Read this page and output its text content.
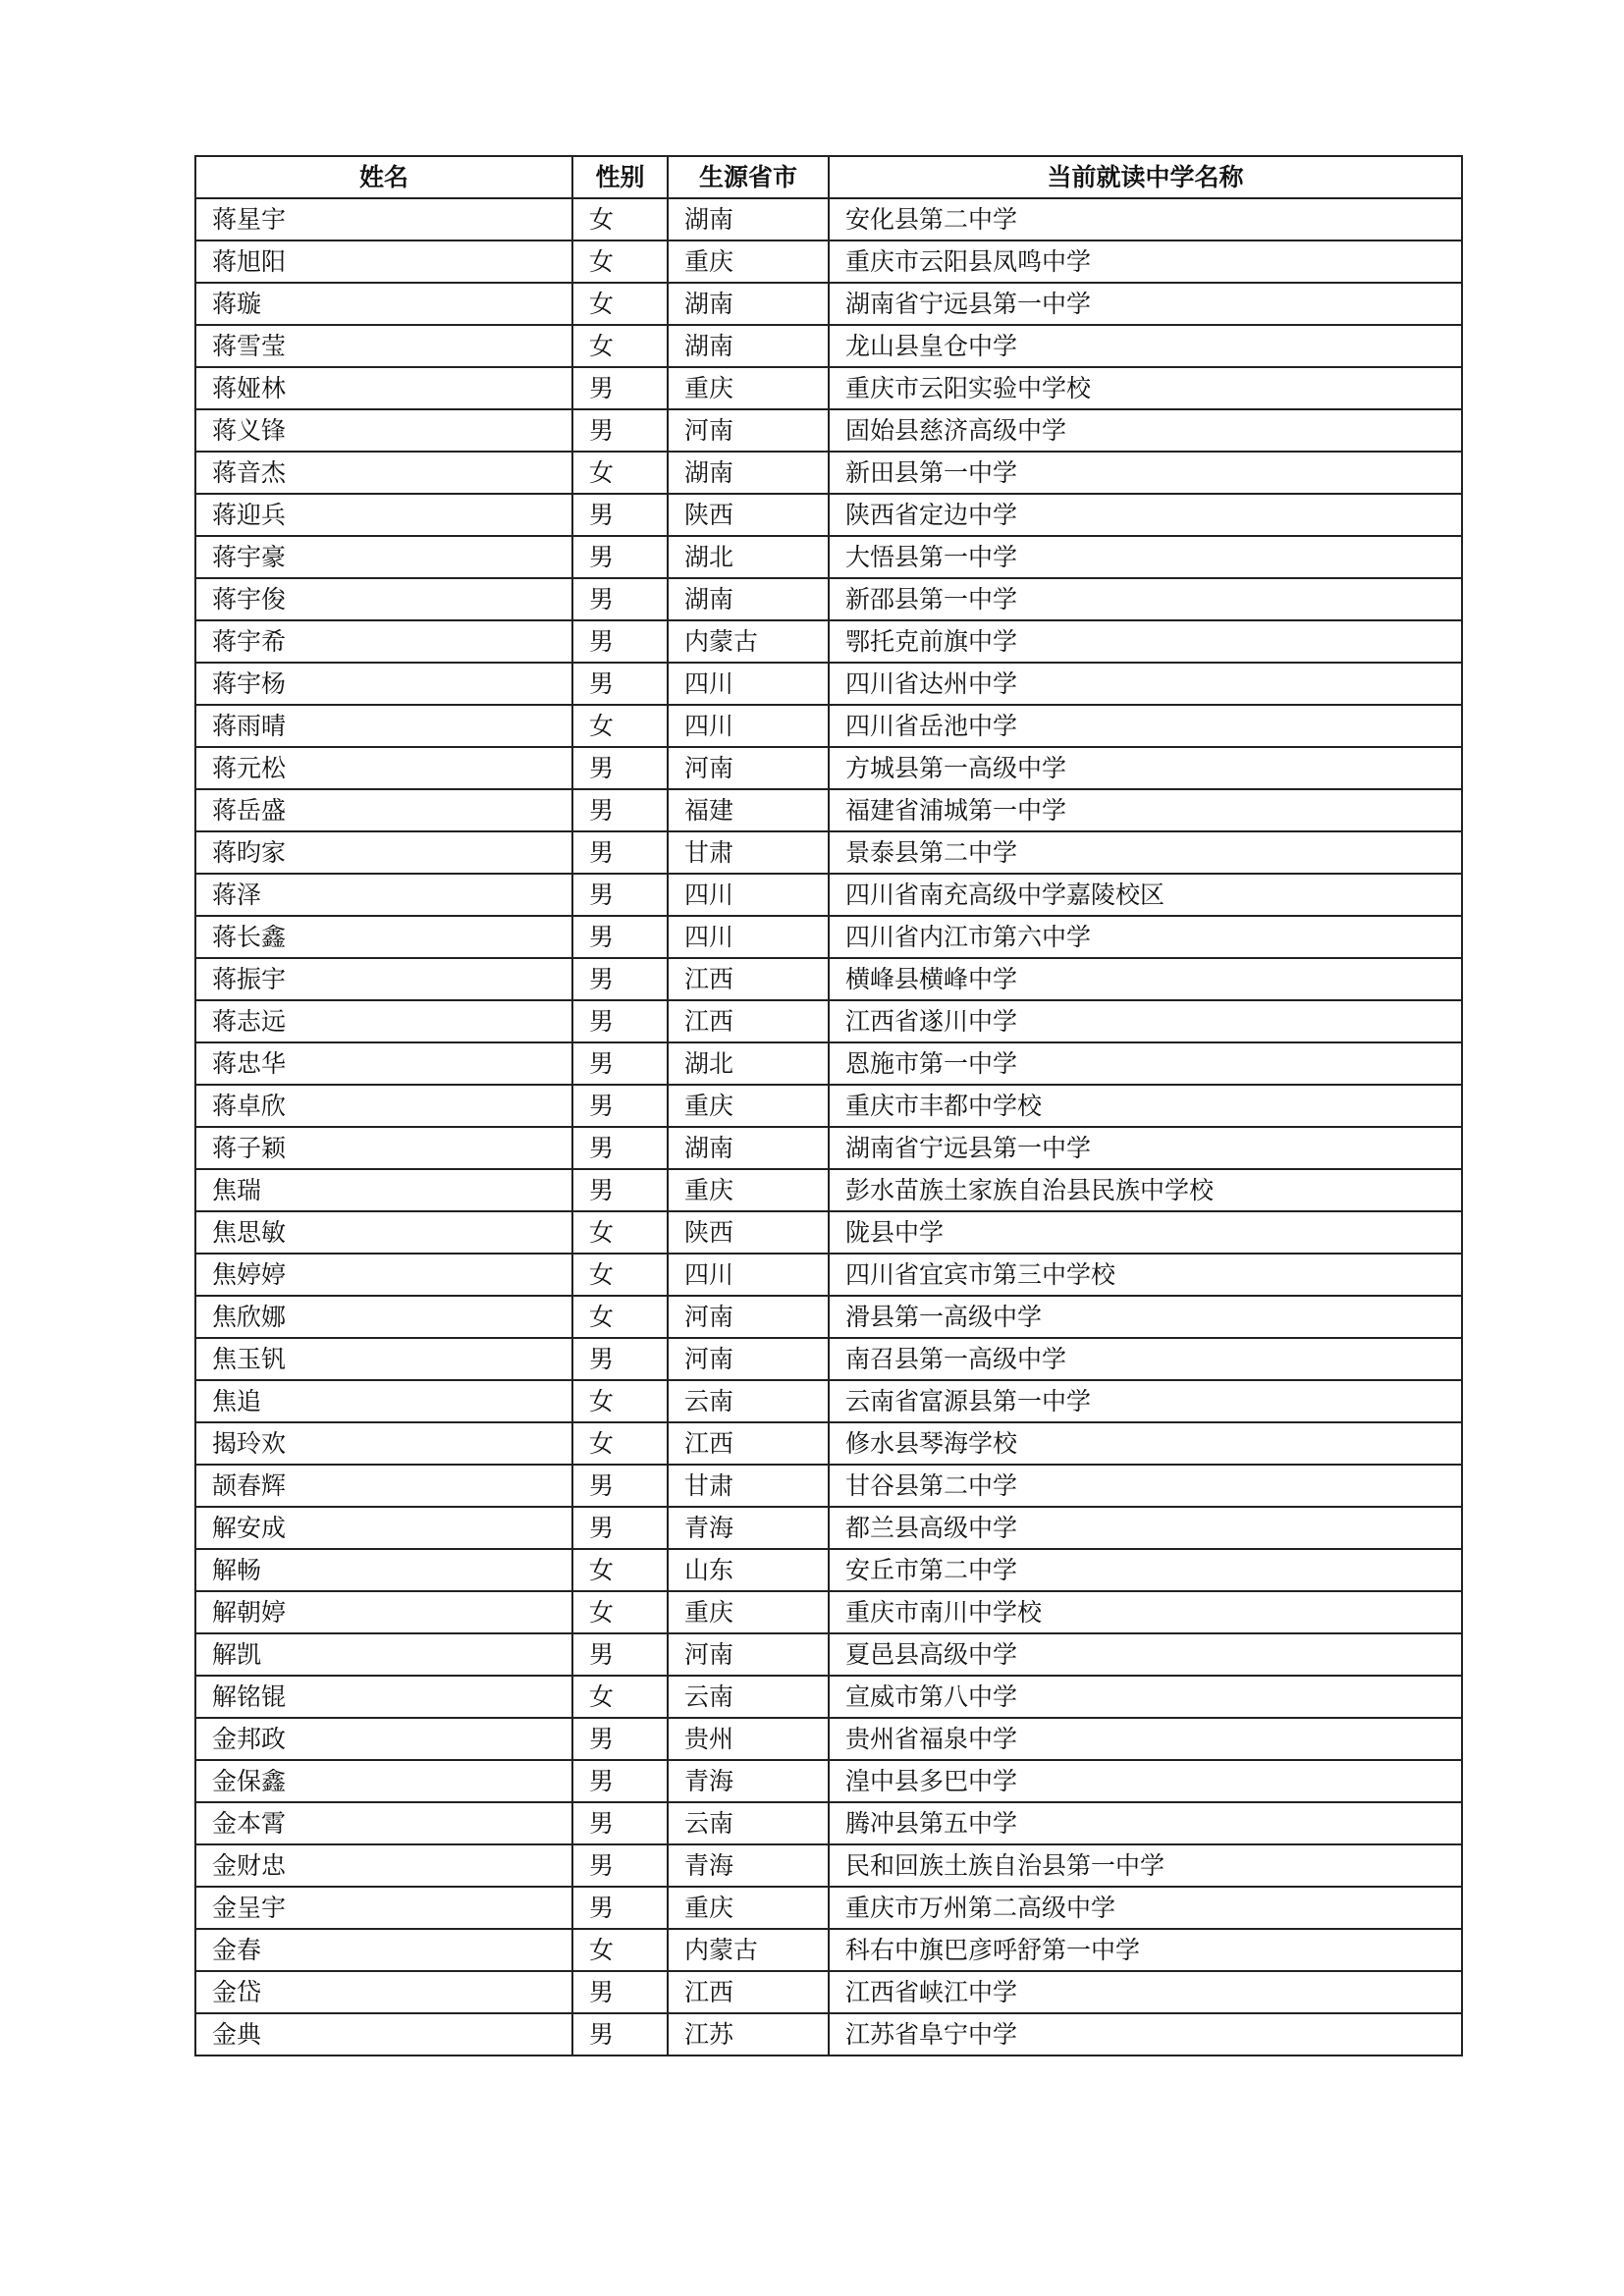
姓名	性别	生源省市	当前就读中学名称
蒋星宇	女	湖南	安化县第二中学
蒋旭阳	女	重庆	重庆市云阳县凤鸣中学
蒋璇	女	湖南	湖南省宁远县第一中学
蒋雪莹	女	湖南	龙山县皇仓中学
蒋娅林	男	重庆	重庆市云阳实验中学校
蒋义锋	男	河南	固始县慈济高级中学
蒋音杰	女	湖南	新田县第一中学
蒋迎兵	男	陕西	陕西省定边中学
蒋宇豪	男	湖北	大悟县第一中学
蒋宇俊	男	湖南	新邵县第一中学
蒋宇希	男	内蒙古	鄂托克前旗中学
蒋宇杨	男	四川	四川省达州中学
蒋雨晴	女	四川	四川省岳池中学
蒋元松	男	河南	方城县第一高级中学
蒋岳盛	男	福建	福建省浦城第一中学
蒋昀家	男	甘肃	景泰县第二中学
蒋泽	男	四川	四川省南充高级中学嘉陵校区
蒋长鑫	男	四川	四川省内江市第六中学
蒋振宇	男	江西	横峰县横峰中学
蒋志远	男	江西	江西省遂川中学
蒋忠华	男	湖北	恩施市第一中学
蒋卓欣	男	重庆	重庆市丰都中学校
蒋子颖	男	湖南	湖南省宁远县第一中学
焦瑞	男	重庆	彭水苗族土家族自治县民族中学校
焦思敏	女	陕西	陇县中学
焦婷婷	女	四川	四川省宜宾市第三中学校
焦欣娜	女	河南	滑县第一高级中学
焦玉钒	男	河南	南召县第一高级中学
焦追	女	云南	云南省富源县第一中学
揭玲欢	女	江西	修水县琴海学校
颉春辉	男	甘肃	甘谷县第二中学
解安成	男	青海	都兰县高级中学
解畅	女	山东	安丘市第二中学
解朝婷	女	重庆	重庆市南川中学校
解凯	男	河南	夏邑县高级中学
解铭锟	女	云南	宣威市第八中学
金邦政	男	贵州	贵州省福泉中学
金保鑫	男	青海	湟中县多巴中学
金本霄	男	云南	腾冲县第五中学
金财忠	男	青海	民和回族土族自治县第一中学
金呈宇	男	重庆	重庆市万州第二高级中学
金春	女	内蒙古	科右中旗巴彦呼舒第一中学
金岱	男	江西	江西省峡江中学
金典	男	江苏	江苏省阜宁中学
